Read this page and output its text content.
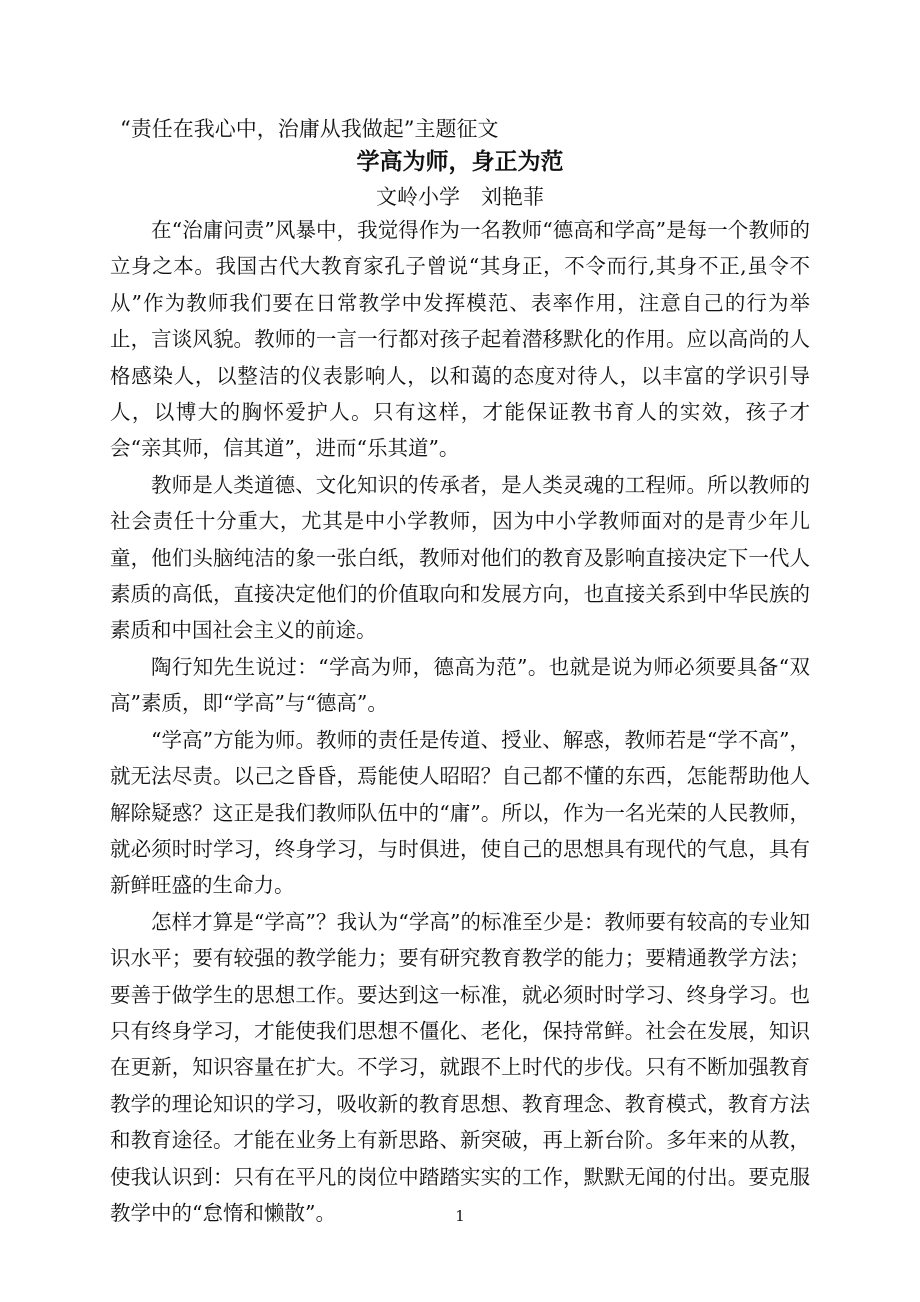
“责任在我心中，治庸从我做起”主题征文
学高为师，身正为范
文岭小学　刘艳菲

在“治庸问责”风暴中，我觉得作为一名教师“德高和学高”是每一个教师的立身之本。我国古代大教育家孔子曾说“其身正，不令而行,其身不正,虽令不从”作为教师我们要在日常教学中发挥模范、表率作用，注意自己的行为举止，言谈风貌。教师的一言一行都对孩子起着潜移默化的作用。应以高尚的人格感染人，以整洁的仪表影响人，以和蔼的态度对待人，以丰富的学识引导人，以博大的胸怀爱护人。只有这样，才能保证教书育人的实效，孩子才会“亲其师，信其道”，进而“乐其道”。

教师是人类道德、文化知识的传承者，是人类灵魂的工程师。所以教师的社会责任十分重大，尤其是中小学教师，因为中小学教师面对的是青少年儿童，他们头脑纯洁的象一张白纸，教师对他们的教育及影响直接决定下一代人素质的高低，直接决定他们的价值取向和发展方向，也直接关系到中华民族的素质和中国社会主义的前途。

陶行知先生说过：“学高为师，德高为范”。也就是说为师必须要具备“双高”素质，即“学高”与“德高”。

“学高”方能为师。教师的责任是传道、授业、解惑，教师若是“学不高”，就无法尽责。以己之昏昏，焉能使人昭昭？自己都不懂的东西，怎能帮助他人解除疑惑？这正是我们教师队伍中的“庸”。所以，作为一名光荣的人民教师，就必须时时学习，终身学习，与时俱进，使自己的思想具有现代的气息，具有新鲜旺盛的生命力。

怎样才算是“学高”？我认为“学高”的标准至少是：教师要有较高的专业知识水平；要有较强的教学能力；要有研究教育教学的能力；要精通教学方法；要善于做学生的思想工作。要达到这一标准，就必须时时学习、终身学习。也只有终身学习，才能使我们思想不僵化、老化，保持常鲜。社会在发展，知识在更新，知识容量在扩大。不学习，就跟不上时代的步伐。只有不断加强教育教学的理论知识的学习，吸收新的教育思想、教育理念、教育模式，教育方法和教育途径。才能在业务上有新思路、新突破，再上新台阶。多年来的从教，使我认识到：只有在平凡的岗位中踏踏实实的工作，默默无闻的付出。要克服教学中的“怠惰和懒散”。	1
